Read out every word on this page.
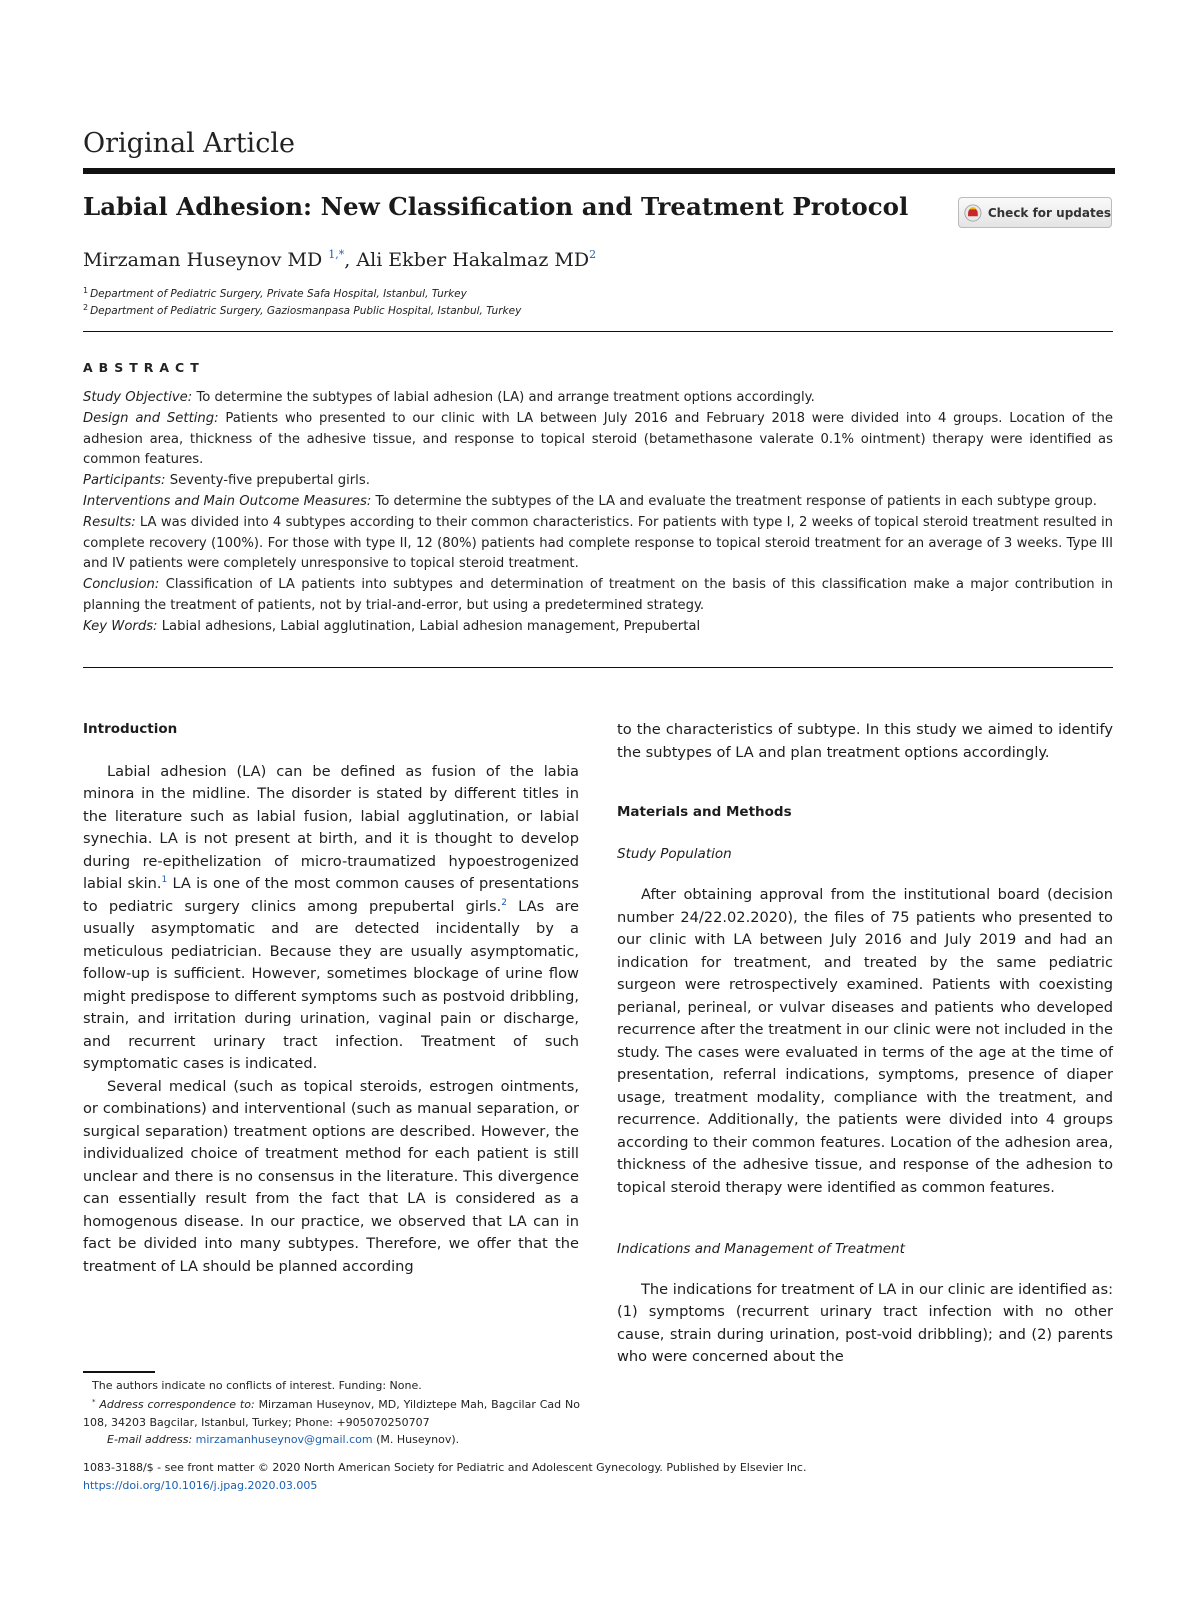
Original Article
Labial Adhesion: New Classification and Treatment Protocol	Check for updates
Mirzaman Huseynov MD $^{1,*}$, Ali Ekber Hakalmaz $MD^2$
$^1$ Department of Pediatric Surgery, Private Safa Hospital, Istanbul, Turkey
$^2$ Department of Pediatric Surgery, Gaziosmanpasa Public Hospital, Istanbul, Turkey
ABSTRACT

Study Objective: To determine the subtypes of labial adhesion (LA) and arrange treatment options accordingly.

Design and Setting: Patients who presented to our clinic with LA between July 2016 and February 2018 were divided into 4 groups. Location of the adhesion area, thickness of the adhesive tissue, and response to topical steroid (betamethasone valerate 0.1% ointment) therapy were identified as common features.

Participants: Seventy-five prepubertal girls.

Interventions and Main Outcome Measures: To determine the subtypes of the LA and evaluate the treatment response of patients in each subtype group.

Results: LA was divided into 4 subtypes according to their common characteristics. For patients with type I, 2 weeks of topical steroid treatment resulted in complete recovery (100%). For those with type II, 12 (80%) patients had complete response to topical steroid treatment for an average of 3 weeks. Type III and IV patients were completely unresponsive to topical steroid treatment.

Conclusion: Classification of LA patients into subtypes and determination of treatment on the basis of this classification make a major contribution in planning the treatment of patients, not by trial-and-error, but using a predetermined strategy.

Key Words: Labial adhesions, Labial agglutination, Labial adhesion management, Prepubertal

Introduction

Labial adhesion (LA) can be defined as fusion of the labia minora in the midline. The disorder is stated by different titles in the literature such as labial fusion, labial agglutination, or labial synechia. LA is not present at birth, and it is thought to develop during re-epithelization of micro-traumatized hypoestrogenized labial skin.$^1$ LA is one of the most common causes of presentations to pediatric surgery clinics among prepubertal girls.$^2$ LAs are usually asymptomatic and are detected incidentally by a meticulous pediatrician. Because they are usually asymptomatic, follow-up is sufficient. However, sometimes blockage of urine flow might predispose to different symptoms such as postvoid dribbling, strain, and irritation during urination, vaginal pain or discharge, and recurrent urinary tract infection. Treatment of such symptomatic cases is indicated.

Several medical (such as topical steroids, estrogen ointments, or combinations) and interventional (such as manual separation, or surgical separation) treatment options are described. However, the individualized choice of treatment method for each patient is still unclear and there is no consensus in the literature. This divergence can essentially result from the fact that LA is considered as a homogenous disease. In our practice, we observed that LA can in fact be divided into many subtypes. Therefore, we offer that the treatment of LA should be planned according

to the characteristics of subtype. In this study we aimed to identify the subtypes of LA and plan treatment options accordingly.

Materials and Methods

Study Population

After obtaining approval from the institutional board (decision number 24/22.02.2020), the files of 75 patients who presented to our clinic with LA between July 2016 and July 2019 and had an indication for treatment, and treated by the same pediatric surgeon were retrospectively examined. Patients with coexisting perianal, perineal, or vulvar diseases and patients who developed recurrence after the treatment in our clinic were not included in the study. The cases were evaluated in terms of the age at the time of presentation, referral indications, symptoms, presence of diaper usage, treatment modality, compliance with the treatment, and recurrence. Additionally, the patients were divided into 4 groups according to their common features. Location of the adhesion area, thickness of the adhesive tissue, and response of the adhesion to topical steroid therapy were identified as common features.

Indications and Management of Treatment

The indications for treatment of LA in our clinic are identified as: (1) symptoms (recurrent urinary tract infection with no other cause, strain during urination, post-void dribbling); and (2) parents who were concerned about the

The authors indicate no conflicts of interest. Funding: None.

* Address correspondence to: Mirzaman Huseynov, MD, Yildiztepe Mah, Bagcilar Cad No 108, 34203 Bagcilar, Istanbul, Turkey; Phone: +905070250707

E-mail address: mirzamanhuseynov@gmail.com (M. Huseynov).

1083-3188/$ - see front matter © 2020 North American Society for Pediatric and Adolescent Gynecology. Published by Elsevier Inc.
https://doi.org/10.1016/j.jpag.2020.03.005
